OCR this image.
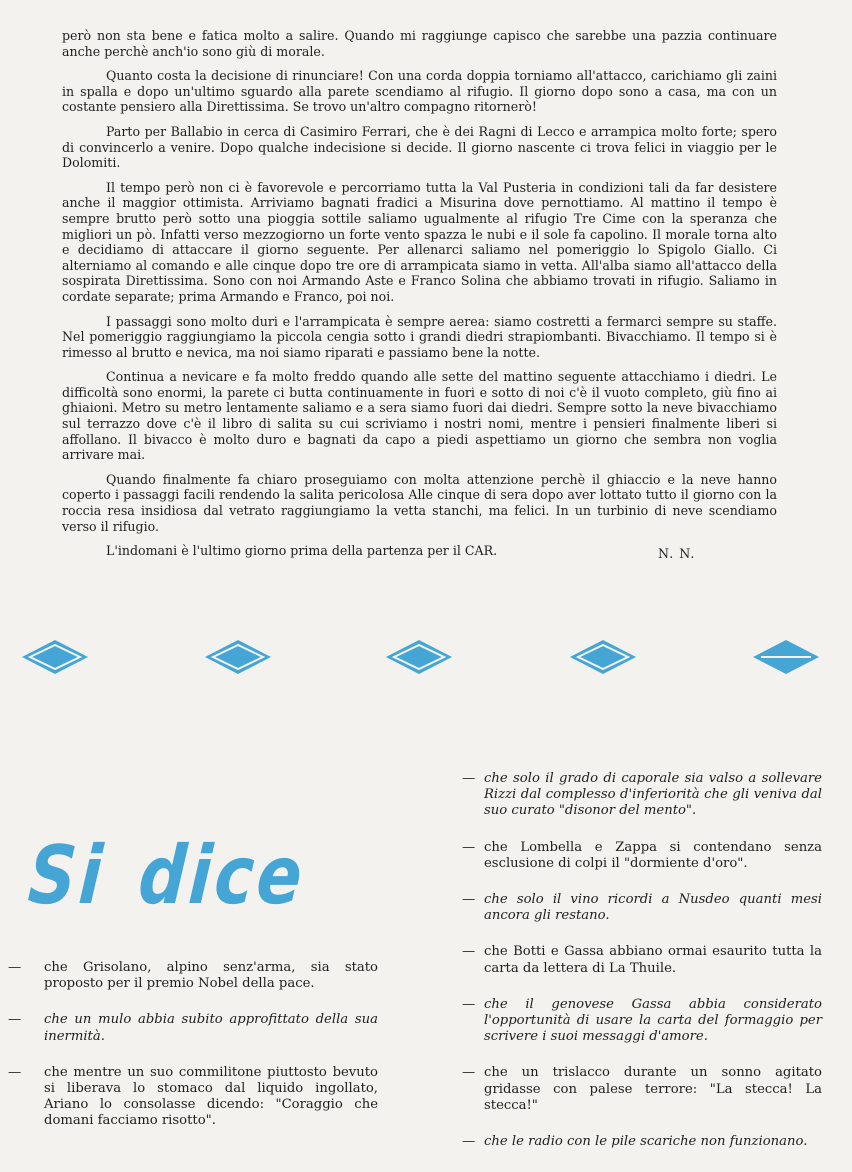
però non sta bene e fatica molto a salire. Quando mi raggiunge capisco che sarebbe una pazzia continuare anche perchè anch'io sono giù di morale.

Quanto costa la decisione di rinunciare! Con una corda doppia torniamo all'attacco, carichiamo gli zaini in spalla e dopo un'ultimo sguardo alla parete scendiamo al rifugio. Il giorno dopo sono a casa, ma con un costante pensiero alla Direttissima. Se trovo un'altro compagno ritornerò!

Parto per Ballabio in cerca di Casimiro Ferrari, che è dei Ragni di Lecco e arrampica molto forte; spero di convincerlo a venire. Dopo qualche indecisione si decide. Il giorno nascente ci trova felici in viaggio per le Dolomiti.

Il tempo però non ci è favorevole e percorriamo tutta la Val Pusteria in condizioni tali da far desistere anche il maggior ottimista. Arriviamo bagnati fradici a Misurina dove pernottiamo. Al mattino il tempo è sempre brutto però sotto una pioggia sottile saliamo ugualmente al rifugio Tre Cime con la speranza che migliori un pò. Infatti verso mezzogiorno un forte vento spazza le nubi e il sole fa capolino. Il morale torna alto e decidiamo di attaccare il giorno seguente. Per allenarci saliamo nel pomeriggio lo Spigolo Giallo. Ci alterniamo al comando e alle cinque dopo tre ore di arrampicata siamo in vetta. All'alba siamo all'attacco della sospirata Direttissima. Sono con noi Armando Aste e Franco Solina che abbiamo trovati in rifugio. Saliamo in cordate separate; prima Armando e Franco, poi noi.

I passaggi sono molto duri e l'arrampicata è sempre aerea: siamo costretti a fermarci sempre su staffe. Nel pomeriggio raggiungiamo la piccola cengia sotto i grandi diedri strapiombanti. Bivacchiamo. Il tempo si è rimesso al brutto e nevica, ma noi siamo riparati e passiamo bene la notte.

Continua a nevicare e fa molto freddo quando alle sette del mattino seguente attacchiamo i diedri. Le difficoltà sono enormi, la parete ci butta continuamente in fuori e sotto di noi c'è il vuoto completo, giù fino ai ghiaioni. Metro su metro lentamente saliamo e a sera siamo fuori dai diedri. Sempre sotto la neve bivacchiamo sul terrazzo dove c'è il libro di salita su cui scriviamo i nostri nomi, mentre i pensieri finalmente liberi si affollano. Il bivacco è molto duro e bagnati da capo a piedi aspettiamo un giorno che sembra non voglia arrivare mai.

Quando finalmente fa chiaro proseguiamo con molta attenzione perchè il ghiaccio e la neve hanno coperto i passaggi facili rendendo la salita pericolosa Alle cinque di sera dopo aver lottato tutto il giorno con la roccia resa insidiosa dal vetrato raggiungiamo la vetta stanchi, ma felici. In un turbinio di neve scendiamo verso il rifugio.

L'indomani è l'ultimo giorno prima della partenza per il CAR.	N. N.
Si dice
— che Grisolano, alpino senz'arma, sia stato proposto per il premio Nobel della pace.
— che un mulo abbia subito approfittato della sua inermità.
— che mentre un suo commilitone piuttosto bevuto si liberava lo stomaco dal liquido ingollato, Ariano lo consolasse dicendo: "Coraggio che domani facciamo risotto".
— che solo il grado di caporale sia valso a sollevare Rizzi dal complesso d'inferiorità che gli veniva dal suo curato "disonor del mento".
— che Lombella e Zappa si contendano senza esclusione di colpi il "dormiente d'oro".
— che solo il vino ricordi a Nusdeo quanti mesi ancora gli restano.
— che Botti e Gassa abbiano ormai esaurito tutta la carta da lettera di La Thuile.
— che il genovese Gassa abbia considerato l'opportunità di usare la carta del formaggio per scrivere i suoi messaggi d'amore.
— che un trislacco durante un sonno agitato gridasse con palese terrore: "La stecca! La stecca!"
— che le radio con le pile scariche non funzionano.
